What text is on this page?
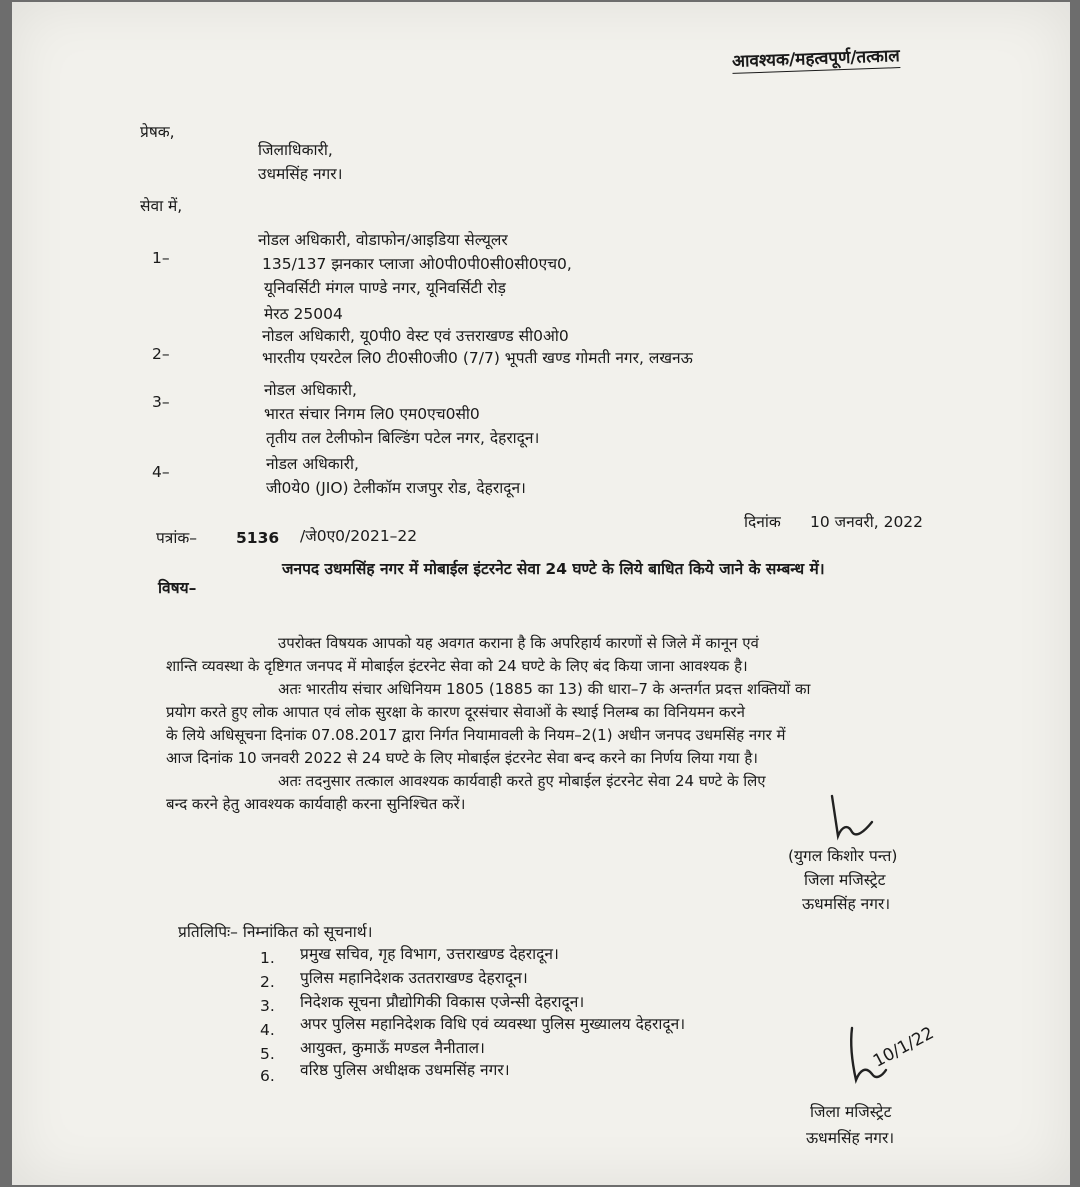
आवश्यक/महत्वपूर्ण/तत्काल
प्रेषक,
जिलाधिकारी,
उधमसिंह नगर।
सेवा में,
1–
नोडल अधिकारी, वोडाफोन/आइडिया सेल्यूलर
135/137 झनकार प्लाजा ओ0पी0पी0सी0सी0एच0,
यूनिवर्सिटी मंगल पाण्डे नगर, यूनिवर्सिटी रोड़
मेरठ 25004
2–
नोडल अधिकारी, यू0पी0 वेस्ट एवं उत्तराखण्ड सी0ओ0
भारतीय एयरटेल लि0 टी0सी0जी0 (7/7) भूपती खण्ड गोमती नगर, लखनऊ
3–
नोडल अधिकारी,
भारत संचार निगम लि0 एम0एच0सी0
तृतीय तल टेलीफोन बिल्डिंग पटेल नगर, देहरादून।
4–	नोडल अधिकारी,
जी0ये0 (JIO) टेलीकॉम राजपुर रोड, देहरादून।
पत्रांक–	5136 /जे0ए0/2021–22
दिनांक 10 जनवरी, 2022
विषय–
जनपद उधमसिंह नगर में मोबाईल इंटरनेट सेवा 24 घण्टे के लिये बाधित किये जाने के सम्बन्ध में।
उपरोक्त विषयक आपको यह अवगत कराना है कि अपरिहार्य कारणों से जिले में कानून एवं
शान्ति व्यवस्था के दृष्टिगत जनपद में मोबाईल इंटरनेट सेवा को 24 घण्टे के लिए बंद किया जाना आवश्यक है।
अतः भारतीय संचार अधिनियम 1805 (1885 का 13) की धारा–7 के अन्तर्गत प्रदत्त शक्तियों का
प्रयोग करते हुए लोक आपात एवं लोक सुरक्षा के कारण दूरसंचार सेवाओं के स्थाई निलम्ब का विनियमन करने
के लिये अधिसूचना दिनांक 07.08.2017 द्वारा निर्गत नियामावली के नियम–2(1) अधीन जनपद उधमसिंह नगर में
आज दिनांक 10 जनवरी 2022 से 24 घण्टे के लिए मोबाईल इंटरनेट सेवा बन्द करने का निर्णय लिया गया है।
अतः तदनुसार तत्काल आवश्यक कार्यवाही करते हुए मोबाईल इंटरनेट सेवा 24 घण्टे के लिए
बन्द करने हेतु आवश्यक कार्यवाही करना सुनिश्चित करें।
(युगल किशोर पन्त)
जिला मजिस्ट्रेट
ऊधमसिंह नगर।
प्रतिलिपिः– निम्नांकित को सूचनार्थ।
1. प्रमुख सचिव, गृह विभाग, उत्तराखण्ड देहरादून।
2. पुलिस महानिदेशक उततराखण्ड देहरादून।
3. निदेशक सूचना प्रौद्योगिकी विकास एजेन्सी देहरादून।
4. अपर पुलिस महानिदेशक विधि एवं व्यवस्था पुलिस मुख्यालय देहरादून।
5. आयुक्त, कुमाऊँ मण्डल नैनीताल।
6. वरिष्ठ पुलिस अधीक्षक उधमसिंह नगर।	10/1/22
जिला मजिस्ट्रेट
ऊधमसिंह नगर।
